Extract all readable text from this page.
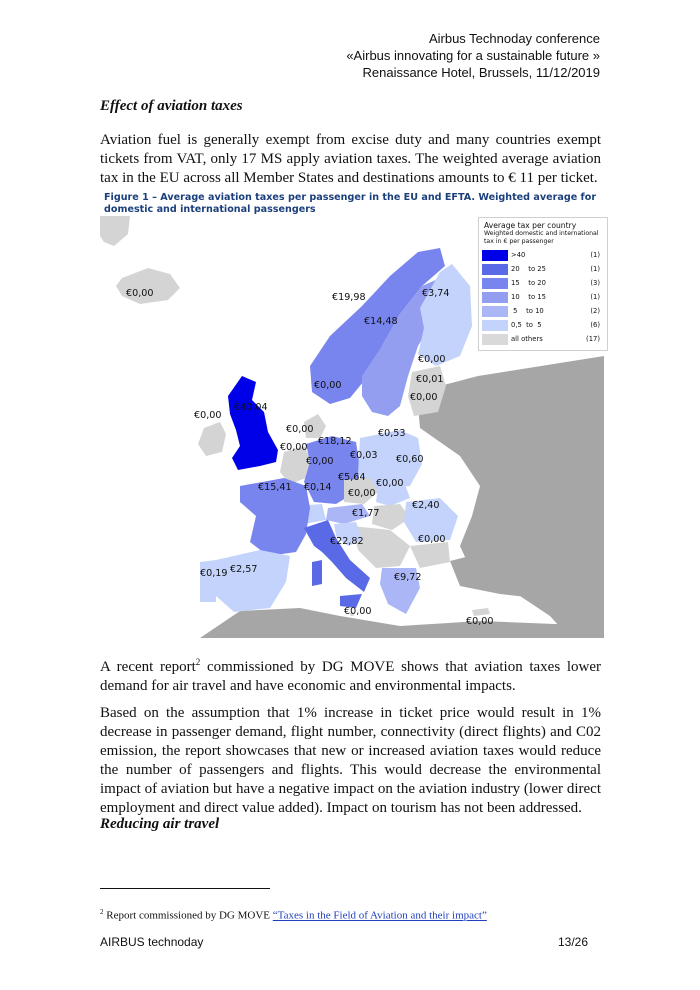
Airbus Technoday conference
«Airbus innovating for a sustainable future »
Renaissance Hotel, Brussels, 11/12/2019
Effect of aviation taxes
Aviation fuel is generally exempt from excise duty and many countries exempt tickets from VAT, only 17 MS apply aviation taxes. The weighted average aviation tax in the EU across all Member States and destinations amounts to € 11 per ticket.
Figure 1 – Average aviation taxes per passenger in the EU and EFTA. Weighted average for domestic and international passengers
€0,00	€19,98	€3,74
€14,48
€0,00
€0,01
€0,00
€0,00
€40,04
€0,00
€0,00
€18,12
€0,53
€0,00
€0,00
€0,03 €0,60
€5,64
€0,00
€15,41 €0,14
€0,00
€2,40
€1,77
€0,00
€22,82
€0,19 €2,57
€9,72
€0,00
€0,00
Average tax per country
Weighted domestic and international tax in € per passenger
>40	(1)
20    to 25	(1)
15    to 20	(3)
10    to 15	(1)
5    to 10	(2)
0,5  to  5	(6)
all others	(17)
A recent report$^2$ commissioned by DG MOVE shows that aviation taxes lower demand for air travel and have economic and environmental impacts.
Based on the assumption that 1% increase in ticket price would result in 1% decrease in passenger demand, flight number, connectivity (direct flights) and C02 emission, the report showcases that new or increased aviation taxes would reduce the number of passengers and flights. This would decrease the environmental impact of aviation but have a negative impact on the aviation industry (lower direct employment and direct value added). Impact on tourism has not been addressed.
Reducing air travel
$^2$ Report commissioned by DG MOVE “Taxes in the Field of Aviation and their impact”
AIRBUS technoday	13/26
